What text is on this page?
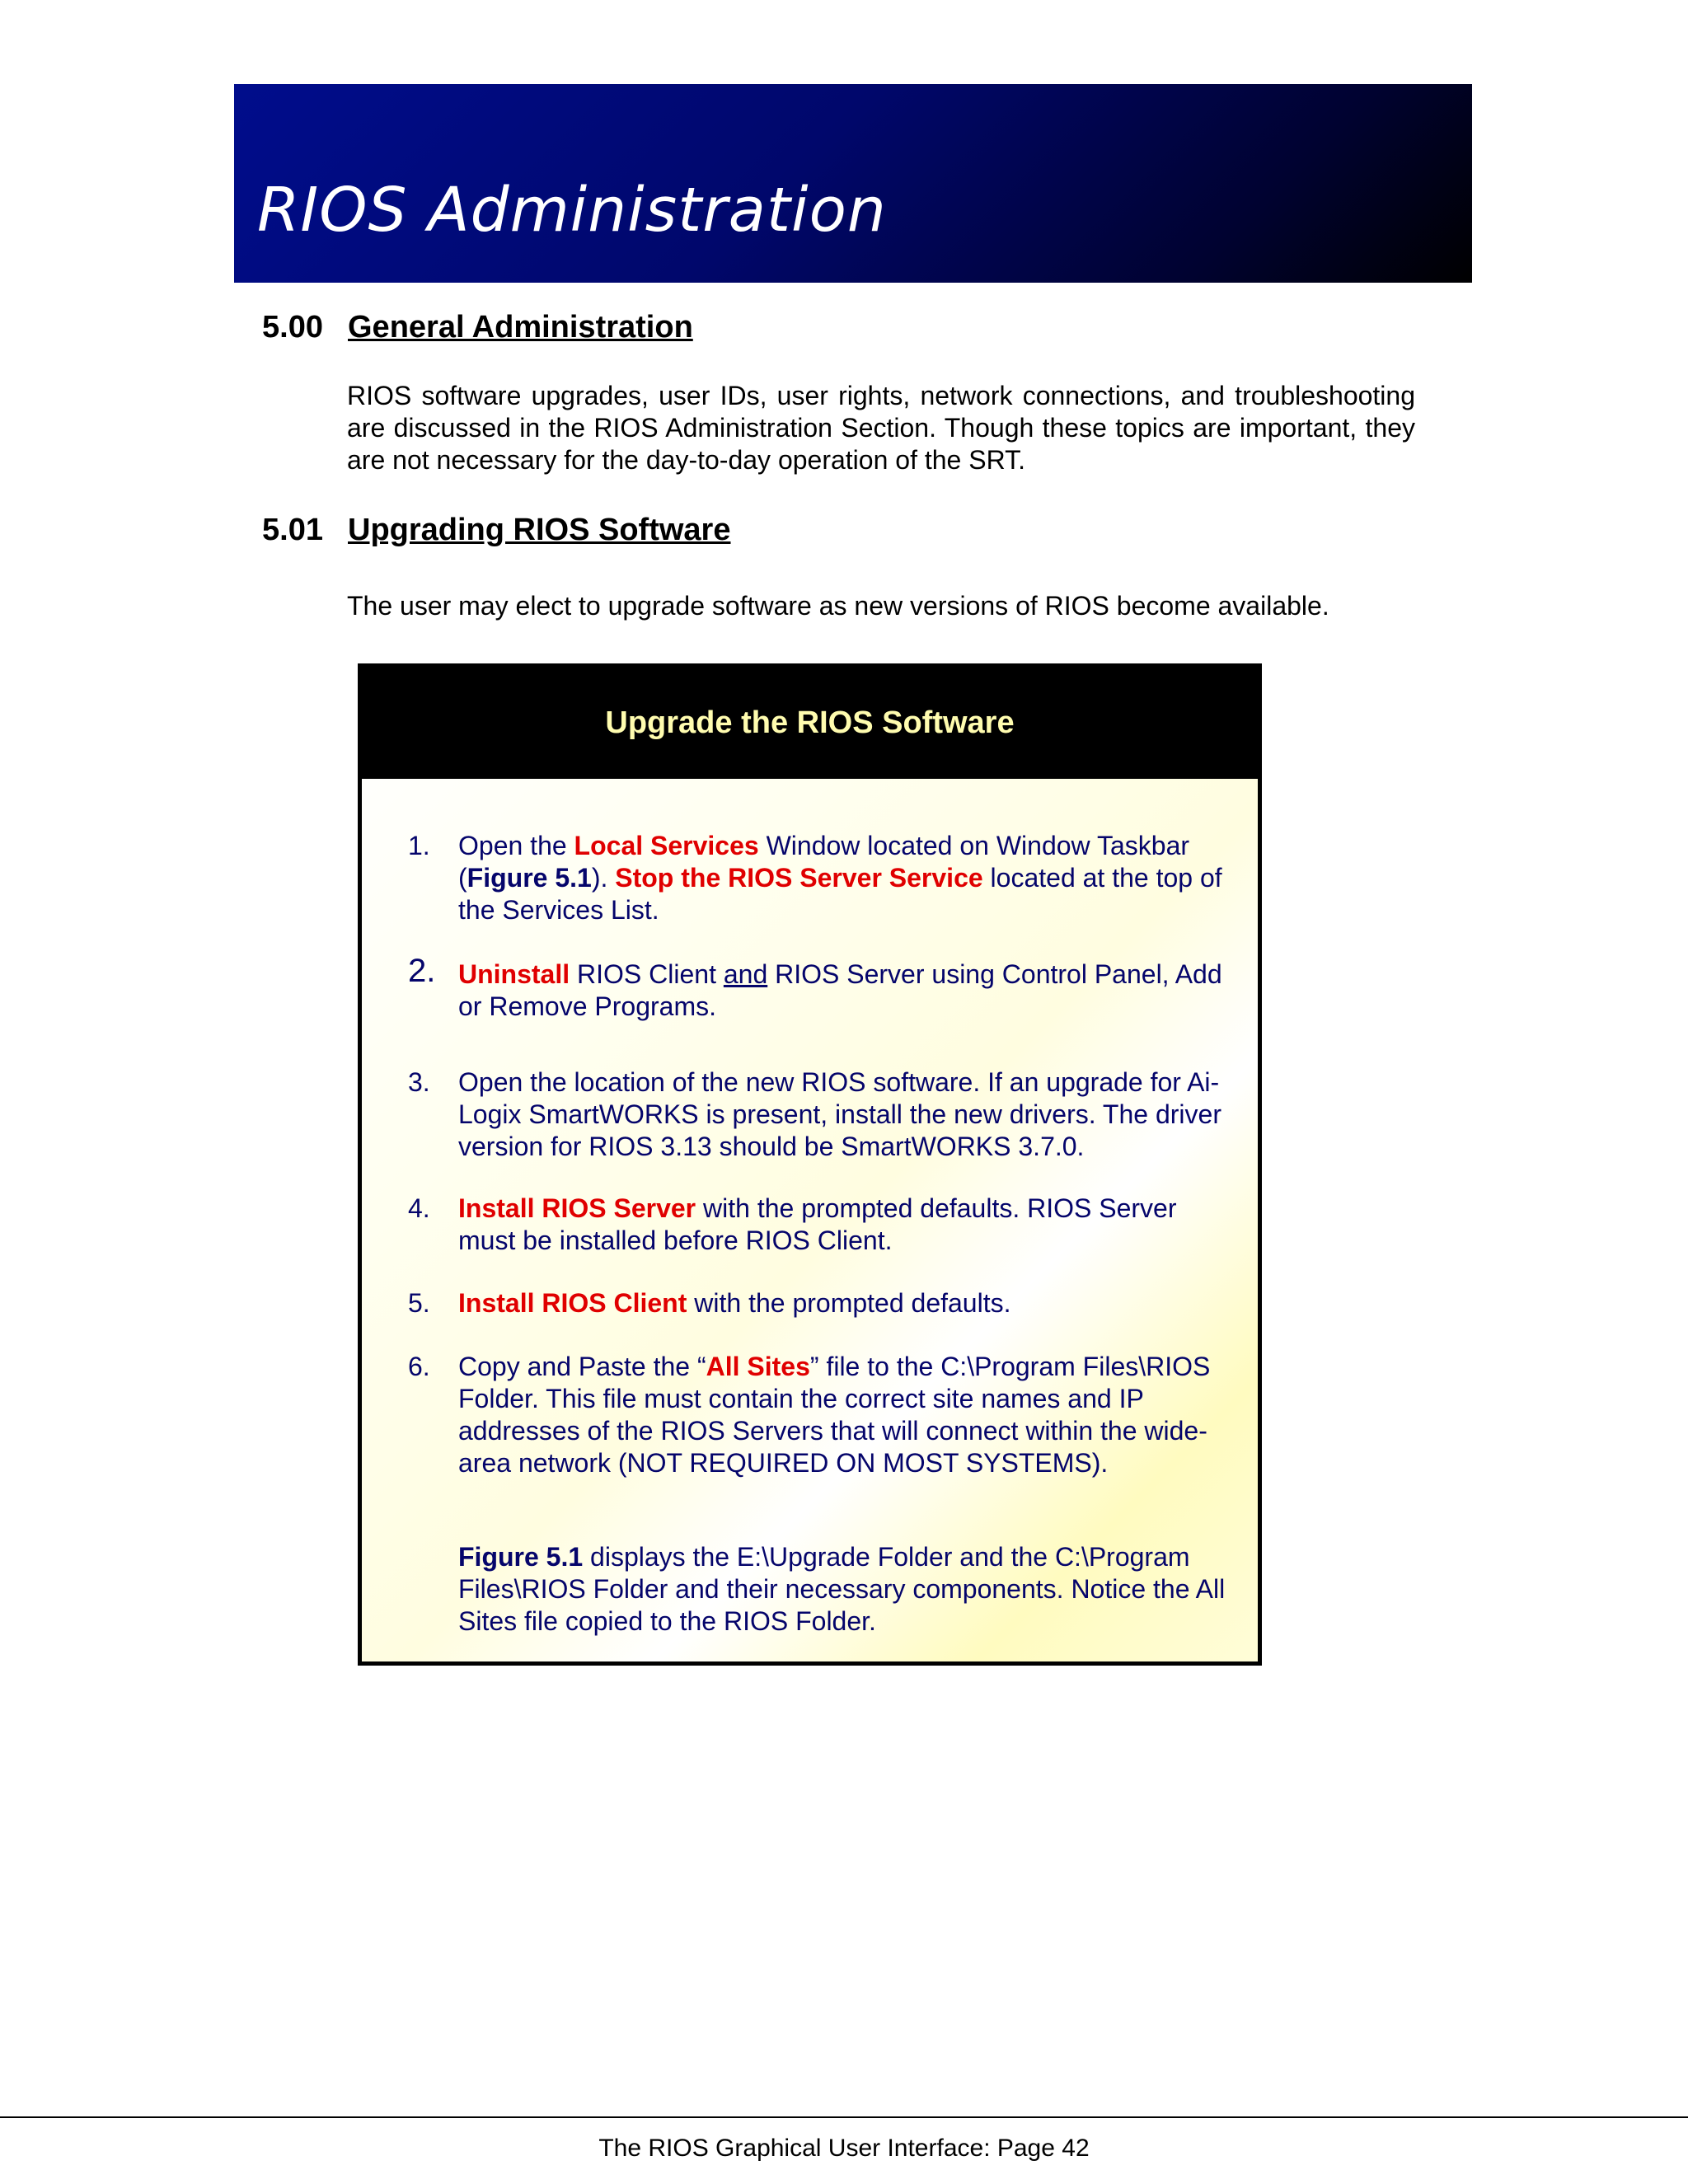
RIOS Administration
5.00 General Administration
RIOS software upgrades, user IDs, user rights, network connections, and troubleshooting are discussed in the RIOS Administration Section. Though these topics are important, they are not necessary for the day-to-day operation of the SRT.
5.01 Upgrading RIOS Software
The user may elect to upgrade software as new versions of RIOS become available.
Upgrade the RIOS Software
1. Open the Local Services Window located on Window Taskbar (Figure 5.1). Stop the RIOS Server Service located at the top of the Services List.
2. Uninstall RIOS Client and RIOS Server using Control Panel, Add or Remove Programs.
3. Open the location of the new RIOS software. If an upgrade for Ai-Logix SmartWORKS is present, install the new drivers. The driver version for RIOS 3.13 should be SmartWORKS 3.7.0.
4. Install RIOS Server with the prompted defaults. RIOS Server must be installed before RIOS Client.
5. Install RIOS Client with the prompted defaults.
6. Copy and Paste the “All Sites” file to the C:\Program Files\RIOS Folder. This file must contain the correct site names and IP addresses of the RIOS Servers that will connect within the wide-area network (NOT REQUIRED ON MOST SYSTEMS).
Figure 5.1 displays the E:\Upgrade Folder and the C:\Program Files\RIOS Folder and their necessary components. Notice the All Sites file copied to the RIOS Folder.
The RIOS Graphical User Interface: Page 42
